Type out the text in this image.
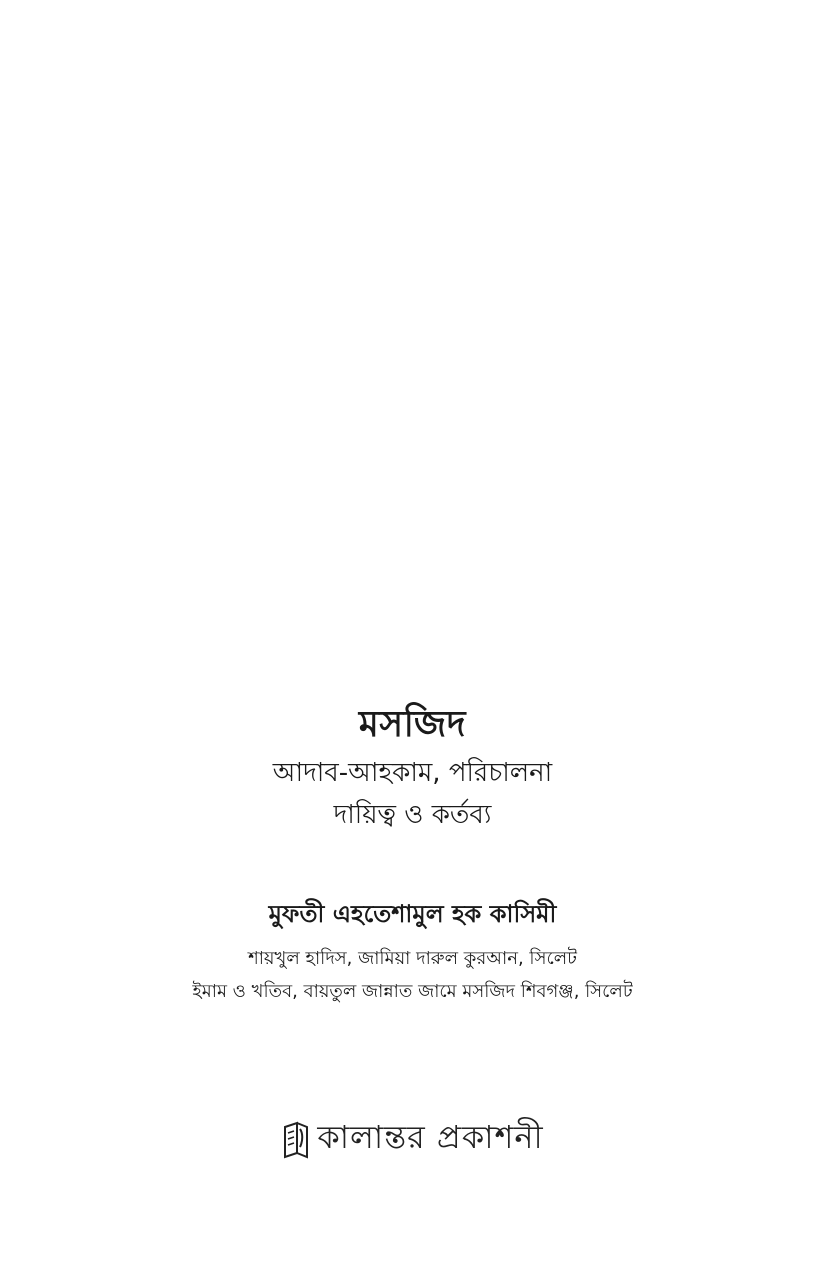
মসজিদ
আদাব-আহকাম, পরিচালনা
দায়িত্ব ও কর্তব্য
মুফতী এহতেশামুল হক কাসিমী
শায়খুল হাদিস, জামিয়া দারুল কুরআন, সিলেট
ইমাম ও খতিব, বায়তুল জান্নাত জামে মসজিদ শিবগঞ্জ, সিলেট
কালান্তর প্রকাশনী
